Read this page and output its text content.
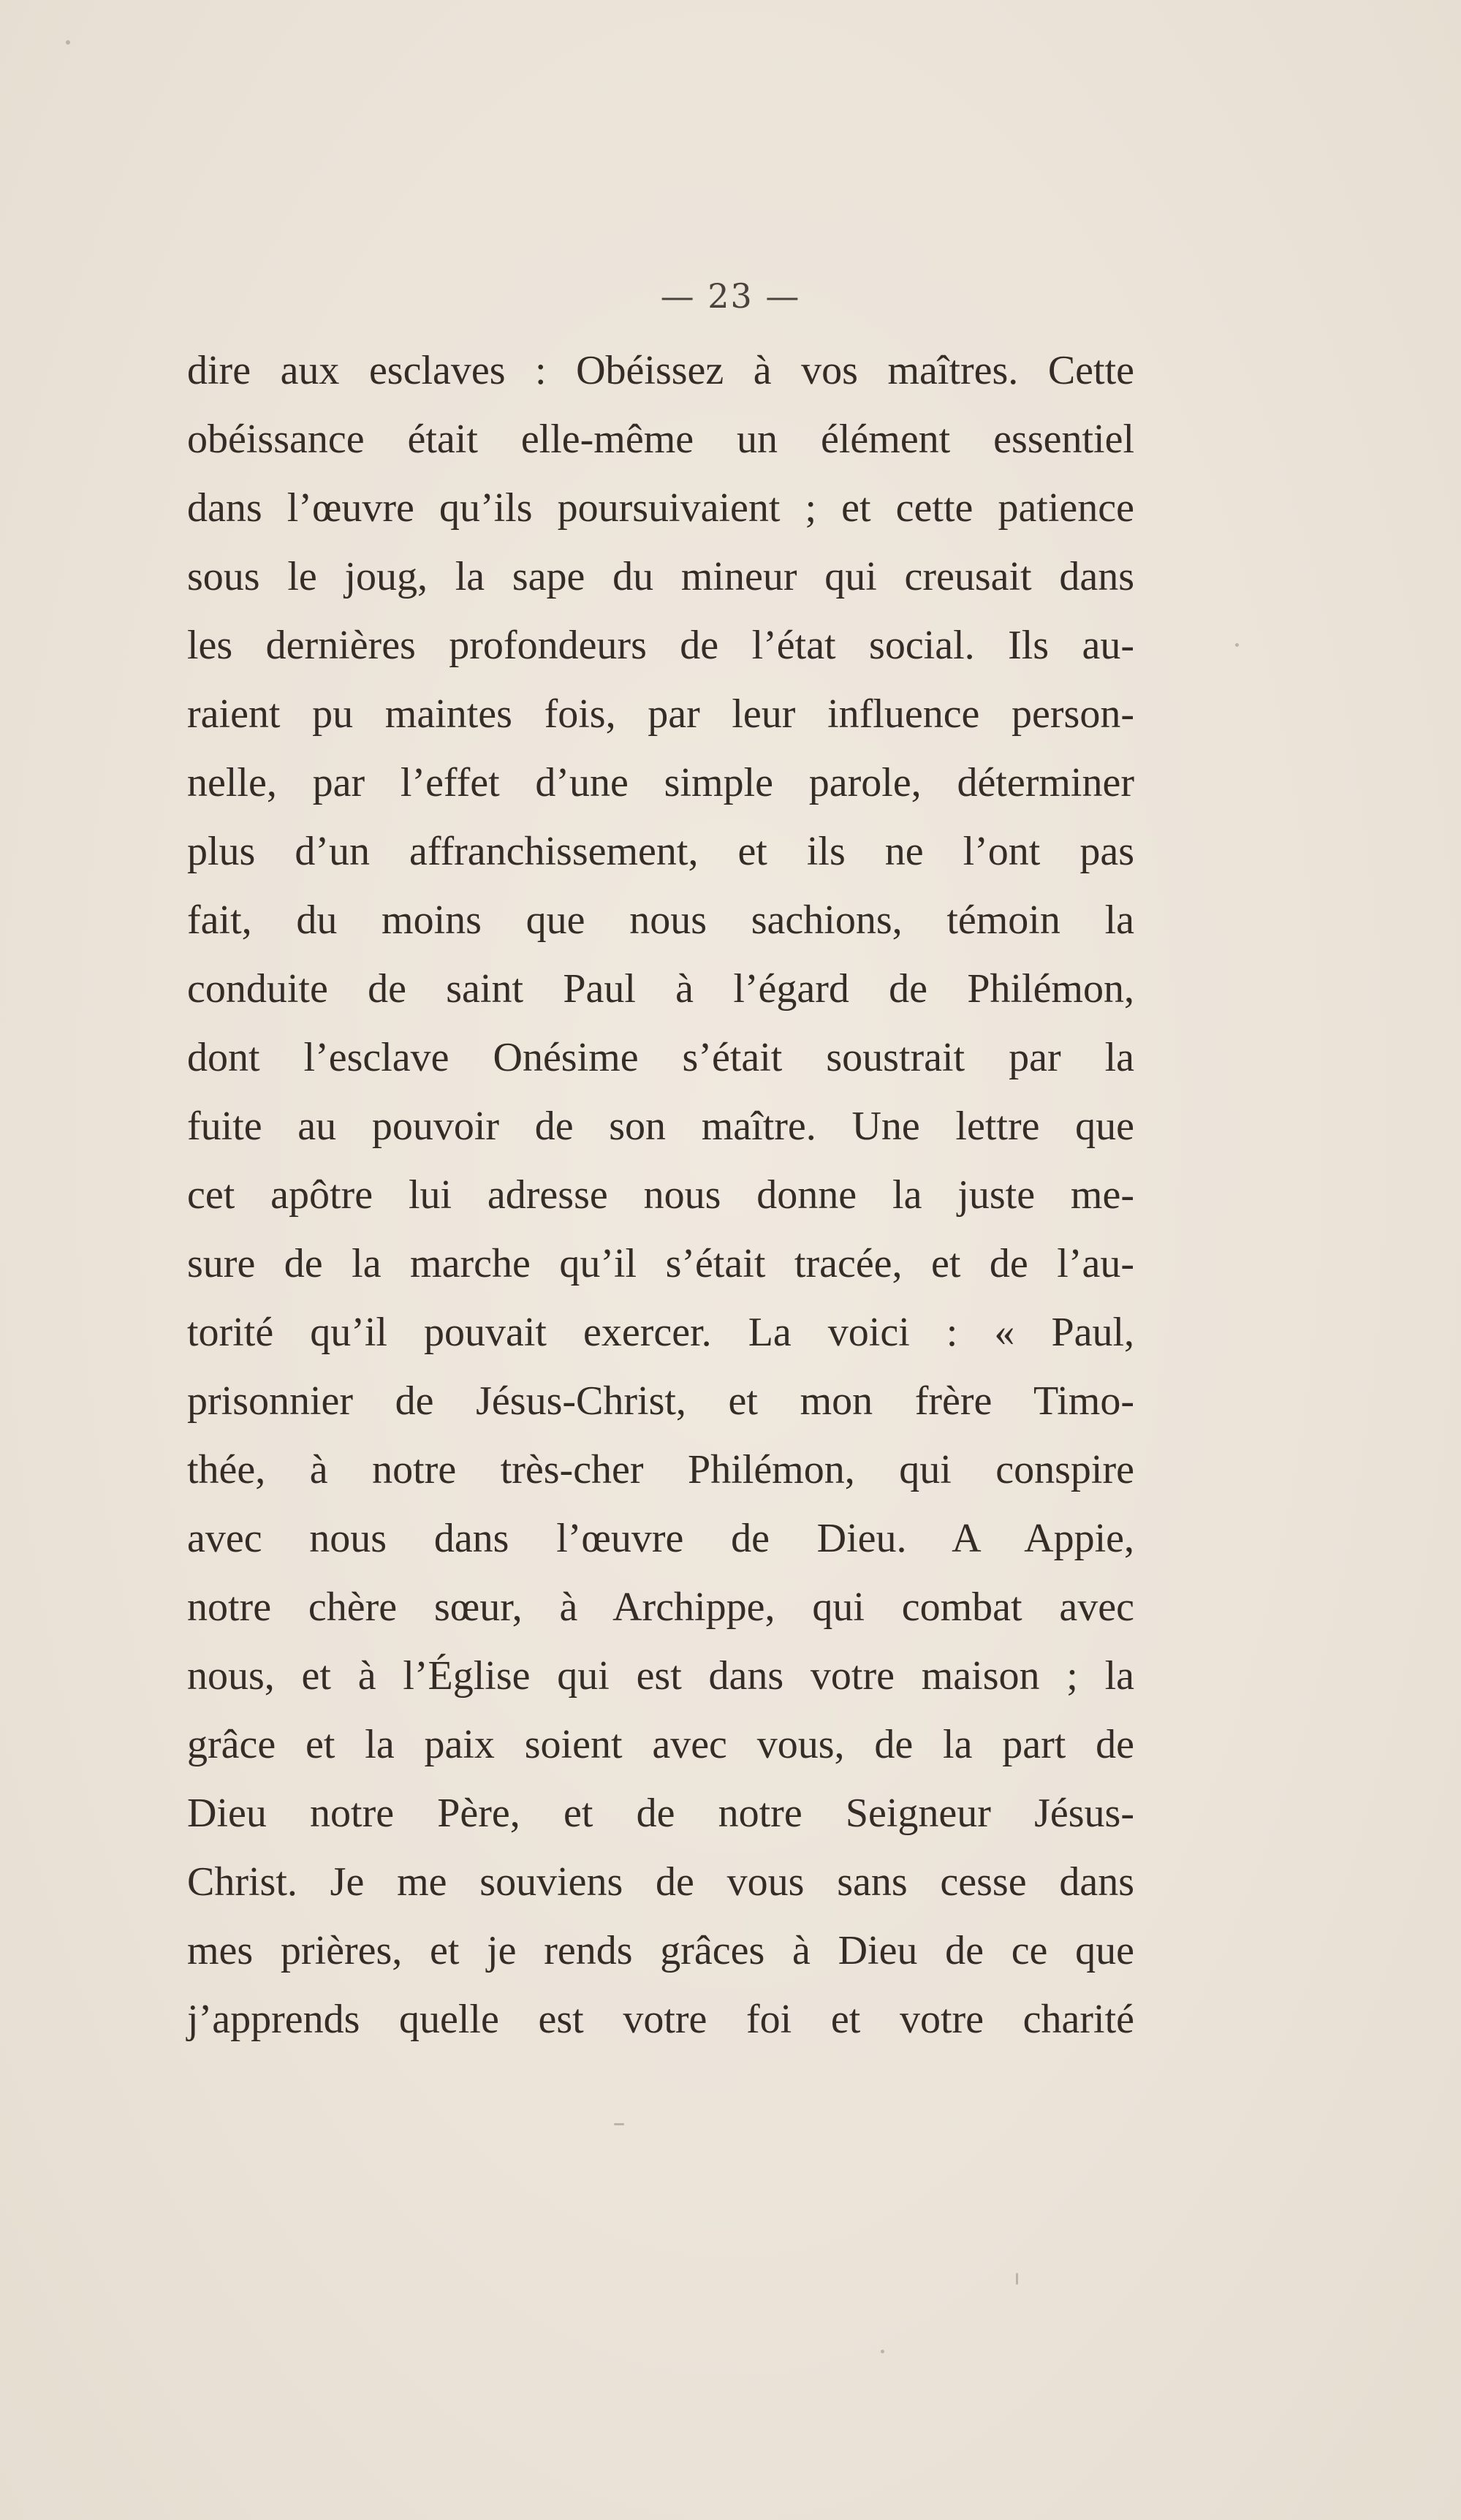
— 23 —
dire aux esclaves : Obéissez à vos maîtres. Cette
obéissance était elle-même un élément essentiel
dans l’œuvre qu’ils poursuivaient ; et cette patience
sous le joug, la sape du mineur qui creusait dans
les dernières profondeurs de l’état social. Ils au-
raient pu maintes fois, par leur influence person-
nelle, par l’effet d’une simple parole, déterminer
plus d’un affranchissement, et ils ne l’ont pas
fait, du moins que nous sachions, témoin la
conduite de saint Paul à l’égard de Philémon,
dont l’esclave Onésime s’était soustrait par la
fuite au pouvoir de son maître. Une lettre que
cet apôtre lui adresse nous donne la juste me-
sure de la marche qu’il s’était tracée, et de l’au-
torité qu’il pouvait exercer. La voici : « Paul,
prisonnier de Jésus-Christ, et mon frère Timo-
thée, à notre très-cher Philémon, qui conspire
avec nous dans l’œuvre de Dieu. A Appie,
notre chère sœur, à Archippe, qui combat avec
nous, et à l’Église qui est dans votre maison ; la
grâce et la paix soient avec vous, de la part de
Dieu notre Père, et de notre Seigneur Jésus-
Christ. Je me souviens de vous sans cesse dans
mes prières, et je rends grâces à Dieu de ce que
j’apprends quelle est votre foi et votre charité
